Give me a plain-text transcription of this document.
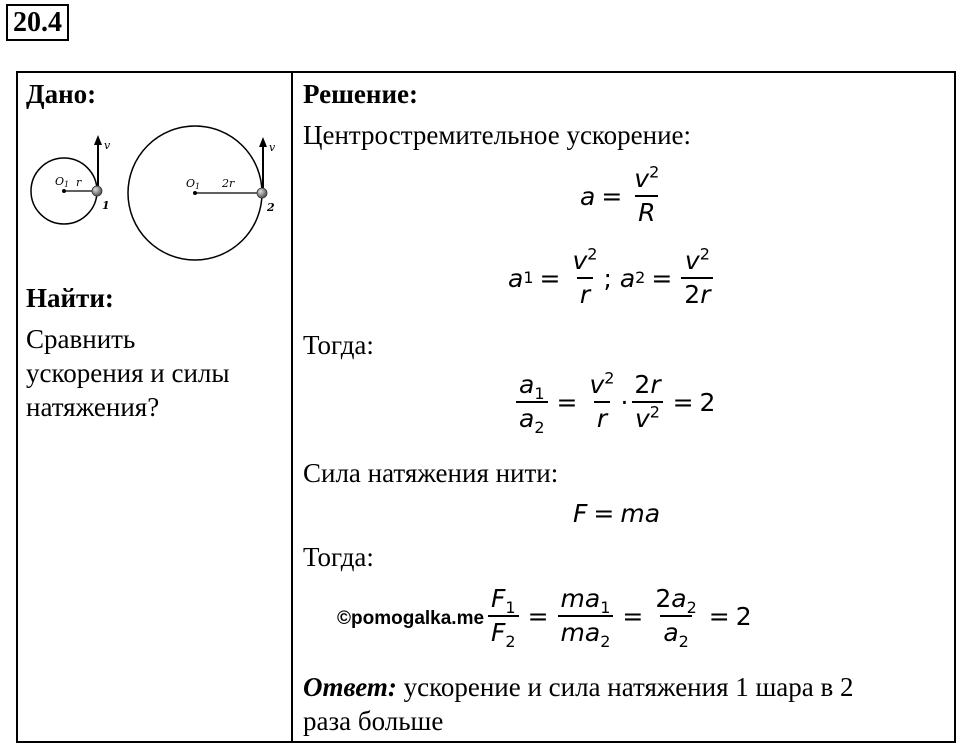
20.4
Дано:
O1 r
1
v
O1 2r
2
v
Найти:
Сравнить
ускорения и силы
натяжения?
Решение:
Центростремительное ускорение:
$a = \frac{v^2}{R}$
a $1 = \frac{v^2}{r}$ ; a $2 = \frac{v^2}{2r}$
Тогда:
$\frac{a_1}{a_2} = \frac{v^2}{r} \cdot \frac{2r}{v^2} = 2$
Сила натяжения нити:
F = ma
Тогда:
$\frac{F_1}{F_2} = \frac{ma_1}{ma_2} = \frac{2a_2}{a_2} = 2$
©pomogalka.me
Ответ: ускорение и сила натяжения 1 шара в 2
раза больше
